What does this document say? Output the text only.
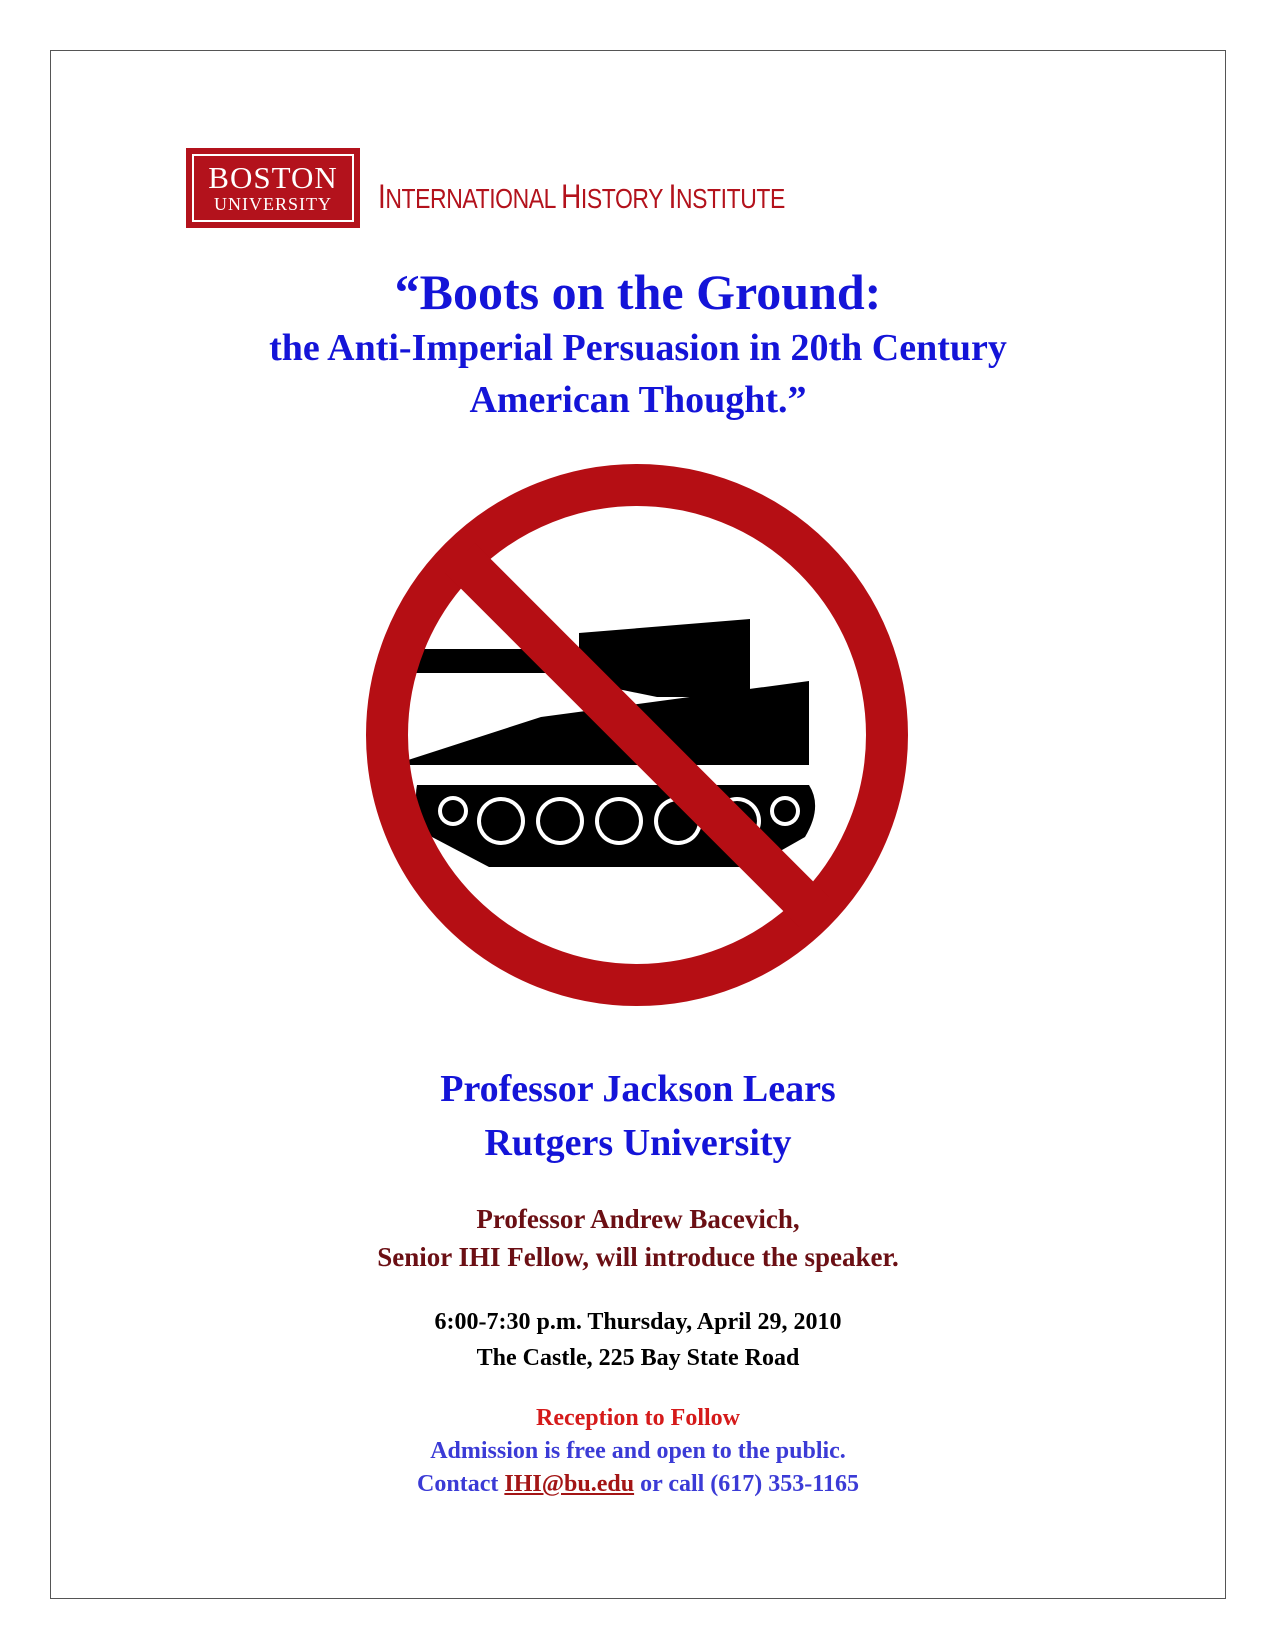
BOSTON
UNIVERSITY INTERNATIONAL HISTORY INSTITUTE
“Boots on the Ground:
the Anti-Imperial Persuasion in 20th Century
American Thought.”
Professor Jackson Lears
Rutgers University
Professor Andrew Bacevich,
Senior IHI Fellow, will introduce the speaker.
6:00-7:30 p.m. Thursday, April 29, 2010
The Castle, 225 Bay State Road
Reception to Follow
Admission is free and open to the public.
Contact IHI@bu.edu or call (617) 353-1165
